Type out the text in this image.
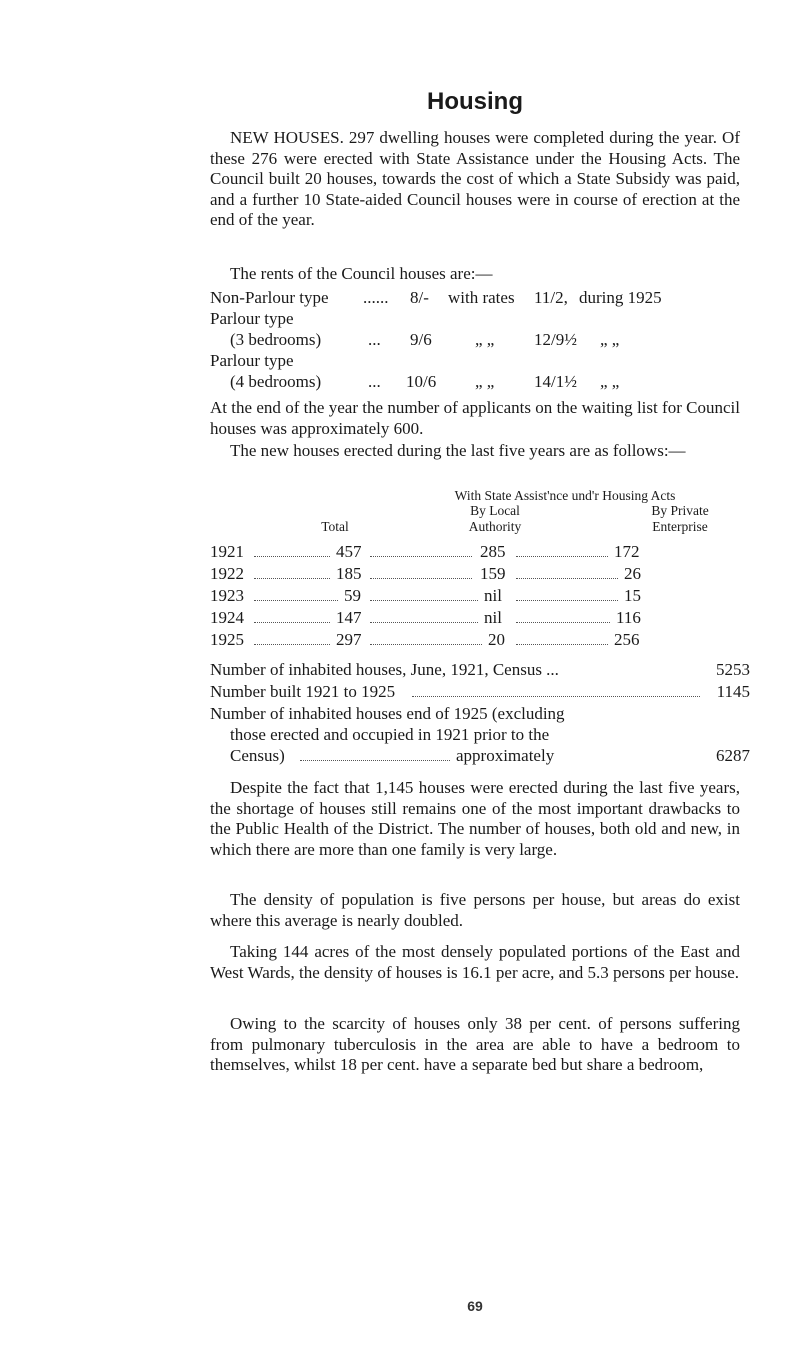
Housing
NEW HOUSES. 297 dwelling houses were completed during the year. Of these 276 were erected with State Assistance under the Housing Acts. The Council built 20 houses, towards the cost of which a State Subsidy was paid, and a further 10 State-aided Council houses were in course of erection at the end of the year.
The rents of the Council houses are:—
Non-Parlour type ...... 8/- with rates 11/2, during 1925
Parlour type
(3 bedrooms)	... 9/6	„ „ 12/9½ „ „
Parlour type
(4 bedrooms)	... 10/6 „ „ 14/1½ „ „
At the end of the year the number of applicants on the waiting list for Council houses was approximately 600.
The new houses erected during the last five years are as follows:—
With State Assist'nce und'r Housing Acts
By Local	By Private
Total	Authority	Enterprise
1921	457	285	172
1922	185	159	26
1923	59	nil	15
1924	147	nil	116
1925	297	20	256
Number of inhabited houses, June, 1921, Census ...	5253
Number built 1921 to 1925	1145
Number of inhabited houses end of 1925 (excluding
those erected and occupied in 1921 prior to the
Census)	approximately	6287
Despite the fact that 1,145 houses were erected during the last five years, the shortage of houses still remains one of the most important drawbacks to the Public Health of the District. The number of houses, both old and new, in which there are more than one family is very large.
The density of population is five persons per house, but areas do exist where this average is nearly doubled.
Taking 144 acres of the most densely populated portions of the East and West Wards, the density of houses is 16.1 per acre, and 5.3 persons per house.
Owing to the scarcity of houses only 38 per cent. of persons suffering from pulmonary tuberculosis in the area are able to have a bedroom to themselves, whilst 18 per cent. have a separate bed but share a bedroom,
69
